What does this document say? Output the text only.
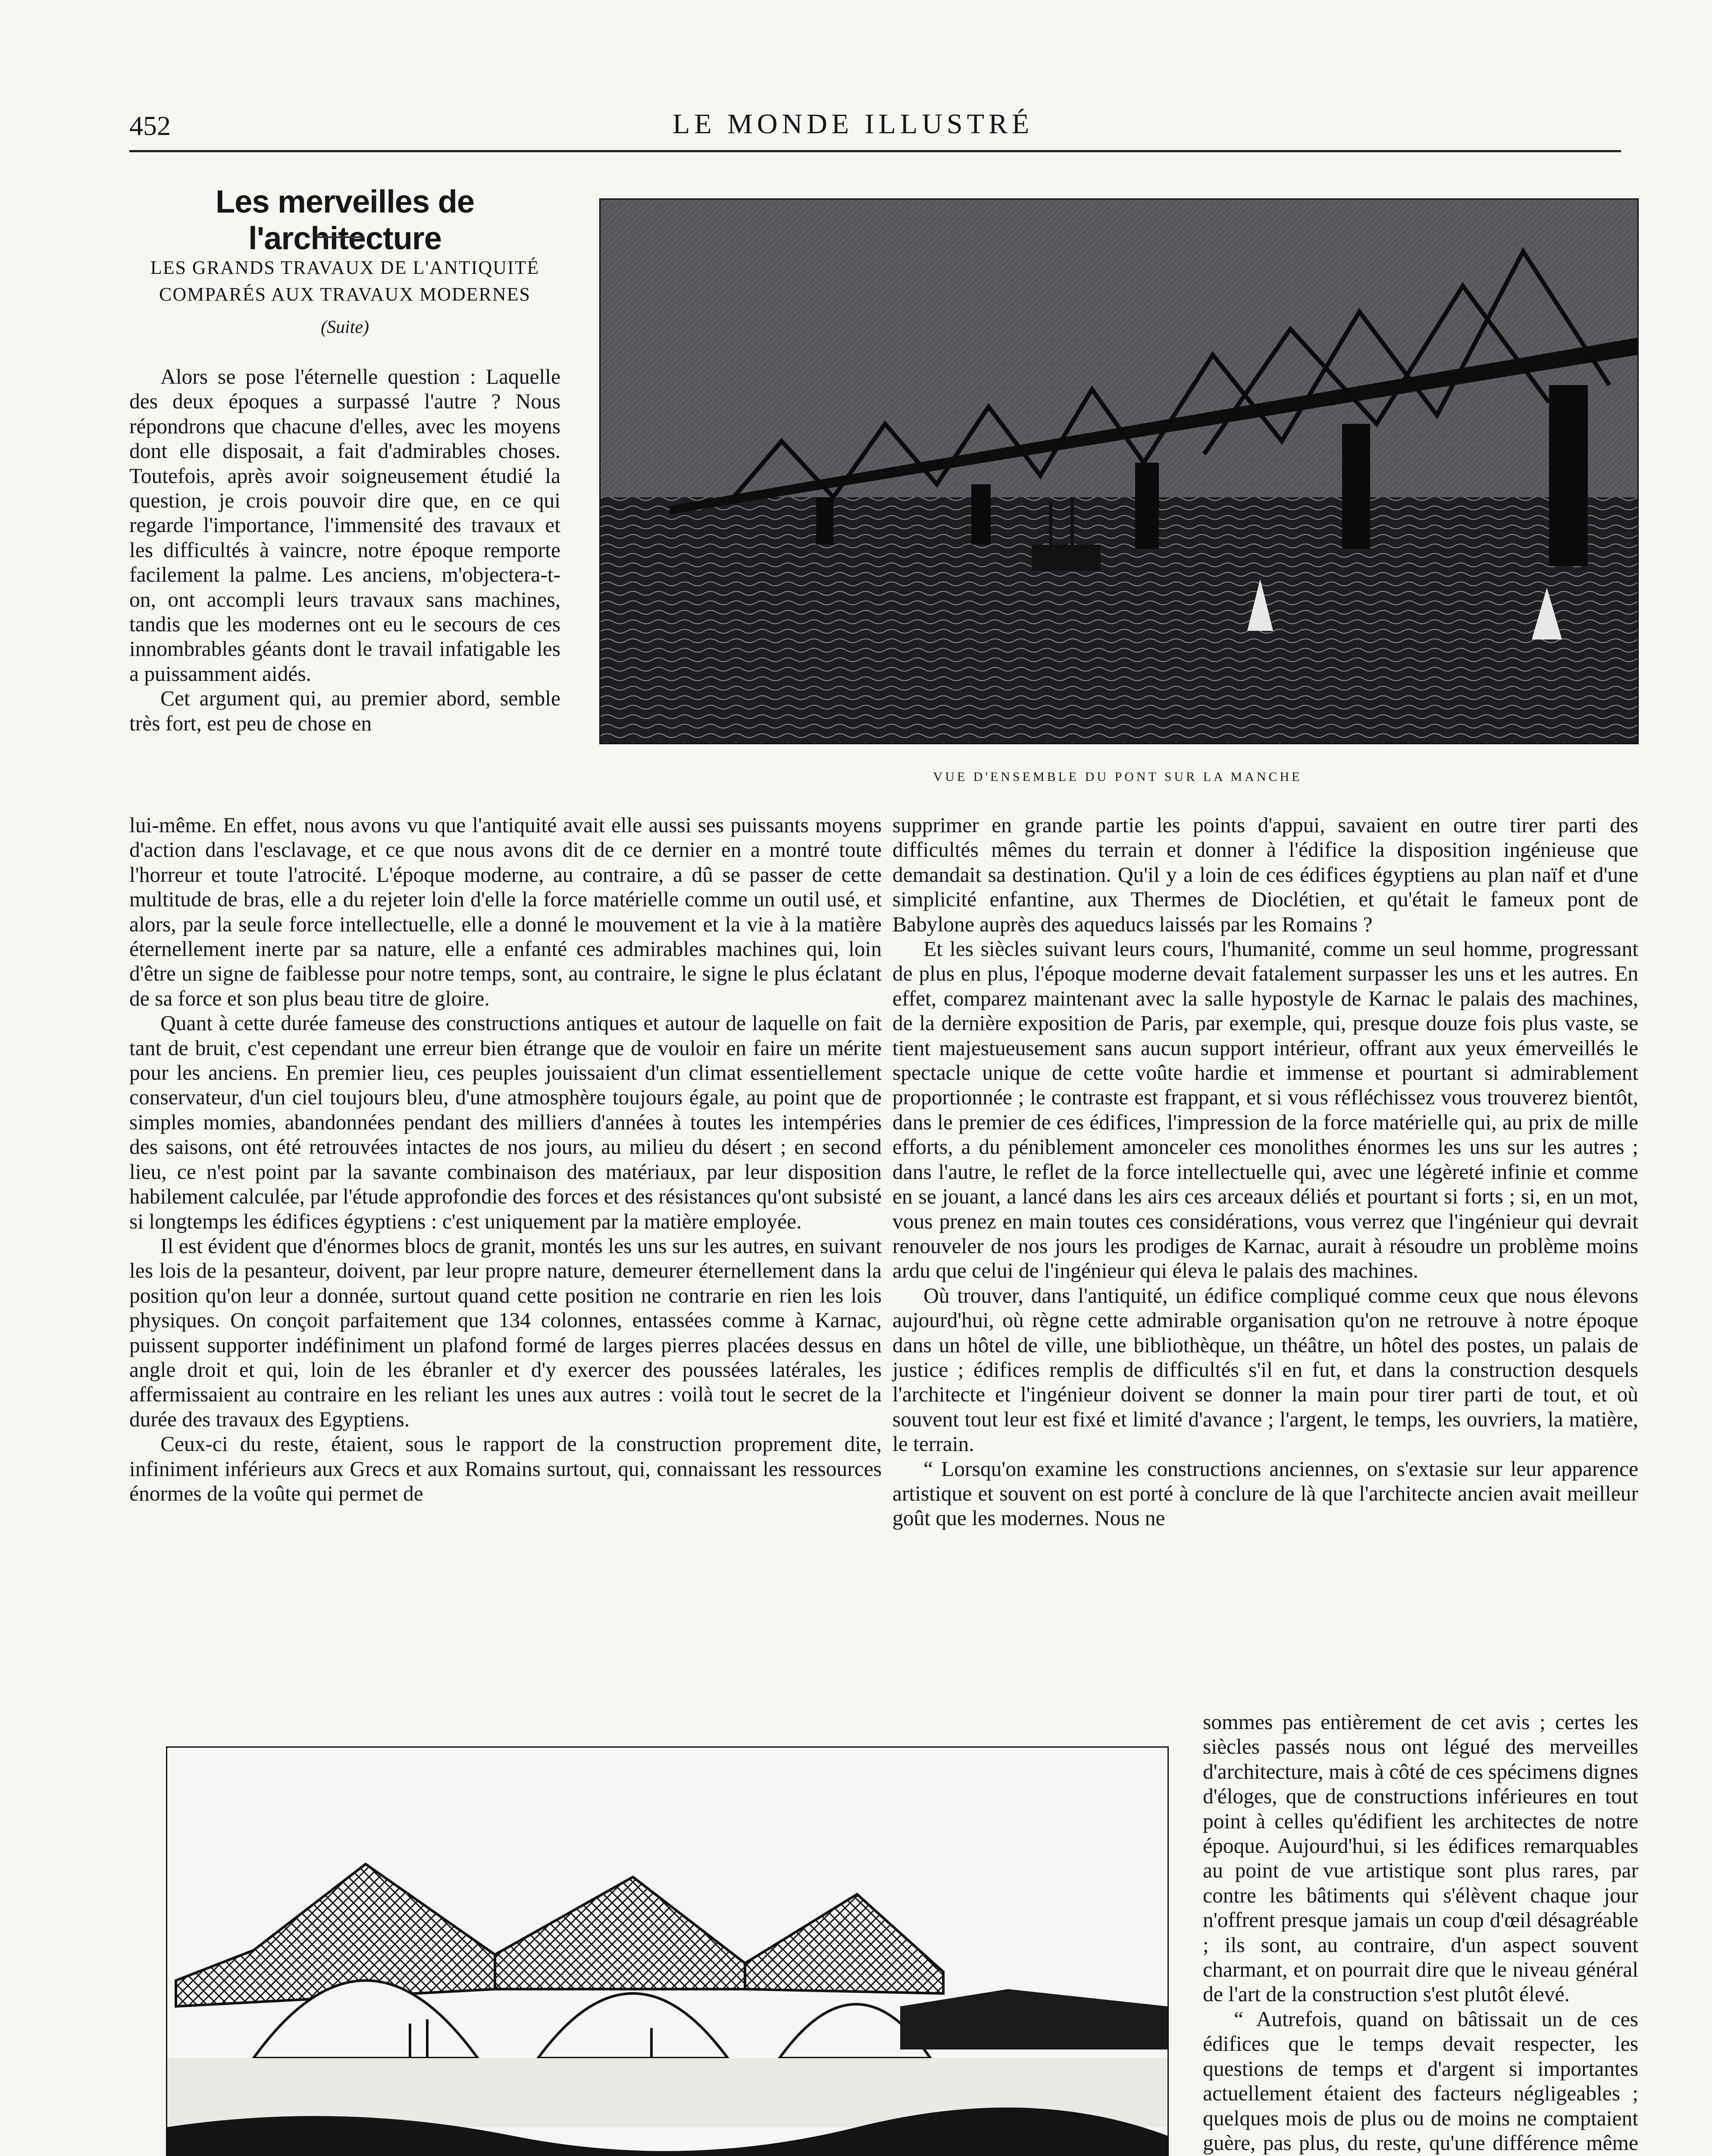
452	LE MONDE ILLUSTRÉ
Les merveilles de l'architecture
LES GRANDS TRAVAUX DE L'ANTIQUITÉ
COMPARÉS AUX TRAVAUX MODERNES
(Suite)

Alors se pose l'éternelle question : Laquelle des deux époques a surpassé l'autre ? Nous répondrons que chacune d'elles, avec les moyens dont elle disposait, a fait d'admirables choses. Toutefois, après avoir soigneusement étudié la question, je crois pouvoir dire que, en ce qui regarde l'importance, l'immensité des travaux et les difficultés à vaincre, notre époque remporte facilement la palme. Les anciens, m'objectera-t-on, ont accompli leurs travaux sans machines, tandis que les modernes ont eu le secours de ces innombrables géants dont le travail infatigable les a puissamment aidés.

Cet argument qui, au premier abord, semble très fort, est peu de chose en

VUE D'ENSEMBLE DU PONT SUR LA MANCHE

lui-même. En effet, nous avons vu que l'antiquité avait elle aussi ses puissants moyens d'action dans l'esclavage, et ce que nous avons dit de ce dernier en a montré toute l'horreur et toute l'atrocité. L'époque moderne, au contraire, a dû se passer de cette multitude de bras, elle a du rejeter loin d'elle la force matérielle comme un outil usé, et alors, par la seule force intellectuelle, elle a donné le mouvement et la vie à la matière éternellement inerte par sa nature, elle a enfanté ces admirables machines qui, loin d'être un signe de faiblesse pour notre temps, sont, au contraire, le signe le plus éclatant de sa force et son plus beau titre de gloire.

Quant à cette durée fameuse des constructions antiques et autour de laquelle on fait tant de bruit, c'est cependant une erreur bien étrange que de vouloir en faire un mérite pour les anciens. En premier lieu, ces peuples jouissaient d'un climat essentiellement conservateur, d'un ciel toujours bleu, d'une atmosphère toujours égale, au point que de simples momies, abandonnées pendant des milliers d'années à toutes les intempéries des saisons, ont été retrouvées intactes de nos jours, au milieu du désert ; en second lieu, ce n'est point par la savante combinaison des matériaux, par leur disposition habilement calculée, par l'étude approfondie des forces et des résistances qu'ont subsisté si longtemps les édifices égyptiens : c'est uniquement par la matière employée.

Il est évident que d'énormes blocs de granit, montés les uns sur les autres, en suivant les lois de la pesanteur, doivent, par leur propre nature, demeurer éternellement dans la position qu'on leur a donnée, surtout quand cette position ne contrarie en rien les lois physiques. On conçoit parfaitement que 134 colonnes, entassées comme à Karnac, puissent supporter indéfiniment un plafond formé de larges pierres placées dessus en angle droit et qui, loin de les ébranler et d'y exercer des poussées latérales, les affermissaient au contraire en les reliant les unes aux autres : voilà tout le secret de la durée des travaux des Egyptiens.

Ceux-ci du reste, étaient, sous le rapport de la construction proprement dite, infiniment inférieurs aux Grecs et aux Romains surtout, qui, connaissant les ressources énormes de la voûte qui permet de

supprimer en grande partie les points d'appui, savaient en outre tirer parti des difficultés mêmes du terrain et donner à l'édifice la disposition ingénieuse que demandait sa destination. Qu'il y a loin de ces édifices égyptiens au plan naïf et d'une simplicité enfantine, aux Thermes de Dioclétien, et qu'était le fameux pont de Babylone auprès des aqueducs laissés par les Romains ?

Et les siècles suivant leurs cours, l'humanité, comme un seul homme, progressant de plus en plus, l'époque moderne devait fatalement surpasser les uns et les autres. En effet, comparez maintenant avec la salle hypostyle de Karnac le palais des machines, de la dernière exposition de Paris, par exemple, qui, presque douze fois plus vaste, se tient majestueusement sans aucun support intérieur, offrant aux yeux émerveillés le spectacle unique de cette voûte hardie et immense et pourtant si admirablement proportionnée ; le contraste est frappant, et si vous réfléchissez vous trouverez bientôt, dans le premier de ces édifices, l'impression de la force matérielle qui, au prix de mille efforts, a du péniblement amonceler ces monolithes énormes les uns sur les autres ; dans l'autre, le reflet de la force intellectuelle qui, avec une légèreté infinie et comme en se jouant, a lancé dans les airs ces arceaux déliés et pourtant si forts ; si, en un mot, vous prenez en main toutes ces considérations, vous verrez que l'ingénieur qui devrait renouveler de nos jours les prodiges de Karnac, aurait à résoudre un problème moins ardu que celui de l'ingénieur qui éleva le palais des machines.

Où trouver, dans l'antiquité, un édifice compliqué comme ceux que nous élevons aujourd'hui, où règne cette admirable organisation qu'on ne retrouve à notre époque dans un hôtel de ville, une bibliothèque, un théâtre, un hôtel des postes, un palais de justice ; édifices remplis de difficultés s'il en fut, et dans la construction desquels l'architecte et l'ingénieur doivent se donner la main pour tirer parti de tout, et où souvent tout leur est fixé et limité d'avance ; l'argent, le temps, les ouvriers, la matière, le terrain.

“ Lorsqu'on examine les constructions anciennes, on s'extasie sur leur apparence artistique et souvent on est porté à conclure de là que l'architecte ancien avait meilleur goût que les modernes. Nous ne

sommes pas entièrement de cet avis ; certes les siècles passés nous ont légué des merveilles d'architecture, mais à côté de ces spécimens dignes d'éloges, que de constructions inférieures en tout point à celles qu'édifient les architectes de notre époque. Aujourd'hui, si les édifices remarquables au point de vue artistique sont plus rares, par contre les bâtiments qui s'élèvent chaque jour n'offrent presque jamais un coup d'œil désagréable ; ils sont, au contraire, d'un aspect souvent charmant, et on pourrait dire que le niveau général de l'art de la construction s'est plutôt élevé.

“ Autrefois, quand on bâtissait un de ces édifices que le temps devait respecter, les questions de temps et d'argent si importantes actuellement étaient des facteurs négligeables ; quelques mois de plus ou de moins ne comptaient guère, pas plus, du reste, qu'une différence même
